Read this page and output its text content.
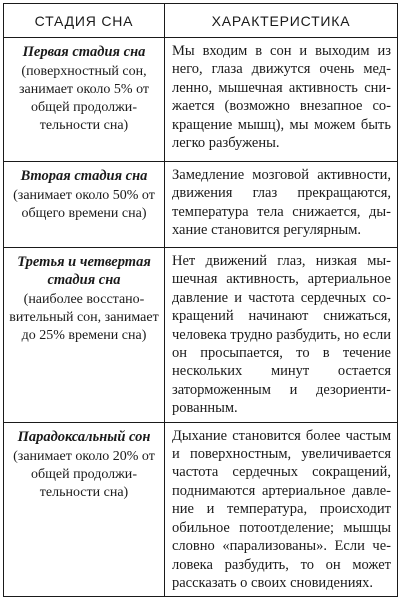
СТАДИЯ СНА	ХАРАКТЕРИСТИКА

Первая стадия сна
(поверхностный сон, занимает около 5% от общей продолжительности сна)	Мы входим в сон и выходим из него, глаза движутся очень медленно, мышечная активность снижается (возможно внезапное сокращение мышц), мы можем быть легко разбужены.

Вторая стадия сна
(занимает около 50% от общего времени сна)	Замедление мозговой активности, движения глаз прекращаются, температура тела снижается, дыхание становится регулярным.

Третья и четвертая стадия сна
(наиболее восстановительный сон, занимает до 25% времени сна)	Нет движений глаз, низкая мышечная активность, артериальное давление и частота сердечных сокращений начинают снижаться, человека трудно разбудить, но если он просыпается, то в течение нескольких минут остается заторможенным и дезориентированным.

Парадоксальный сон
(занимает около 20% от общей продолжительности сна)	Дыхание становится более частым и поверхностным, увеличивается частота сердечных сокращений, поднимаются артериальное давление и температура, происходит обильное потоотделение; мышцы словно «парализованы». Если человека разбудить, то он может рассказать о своих сновидениях.
